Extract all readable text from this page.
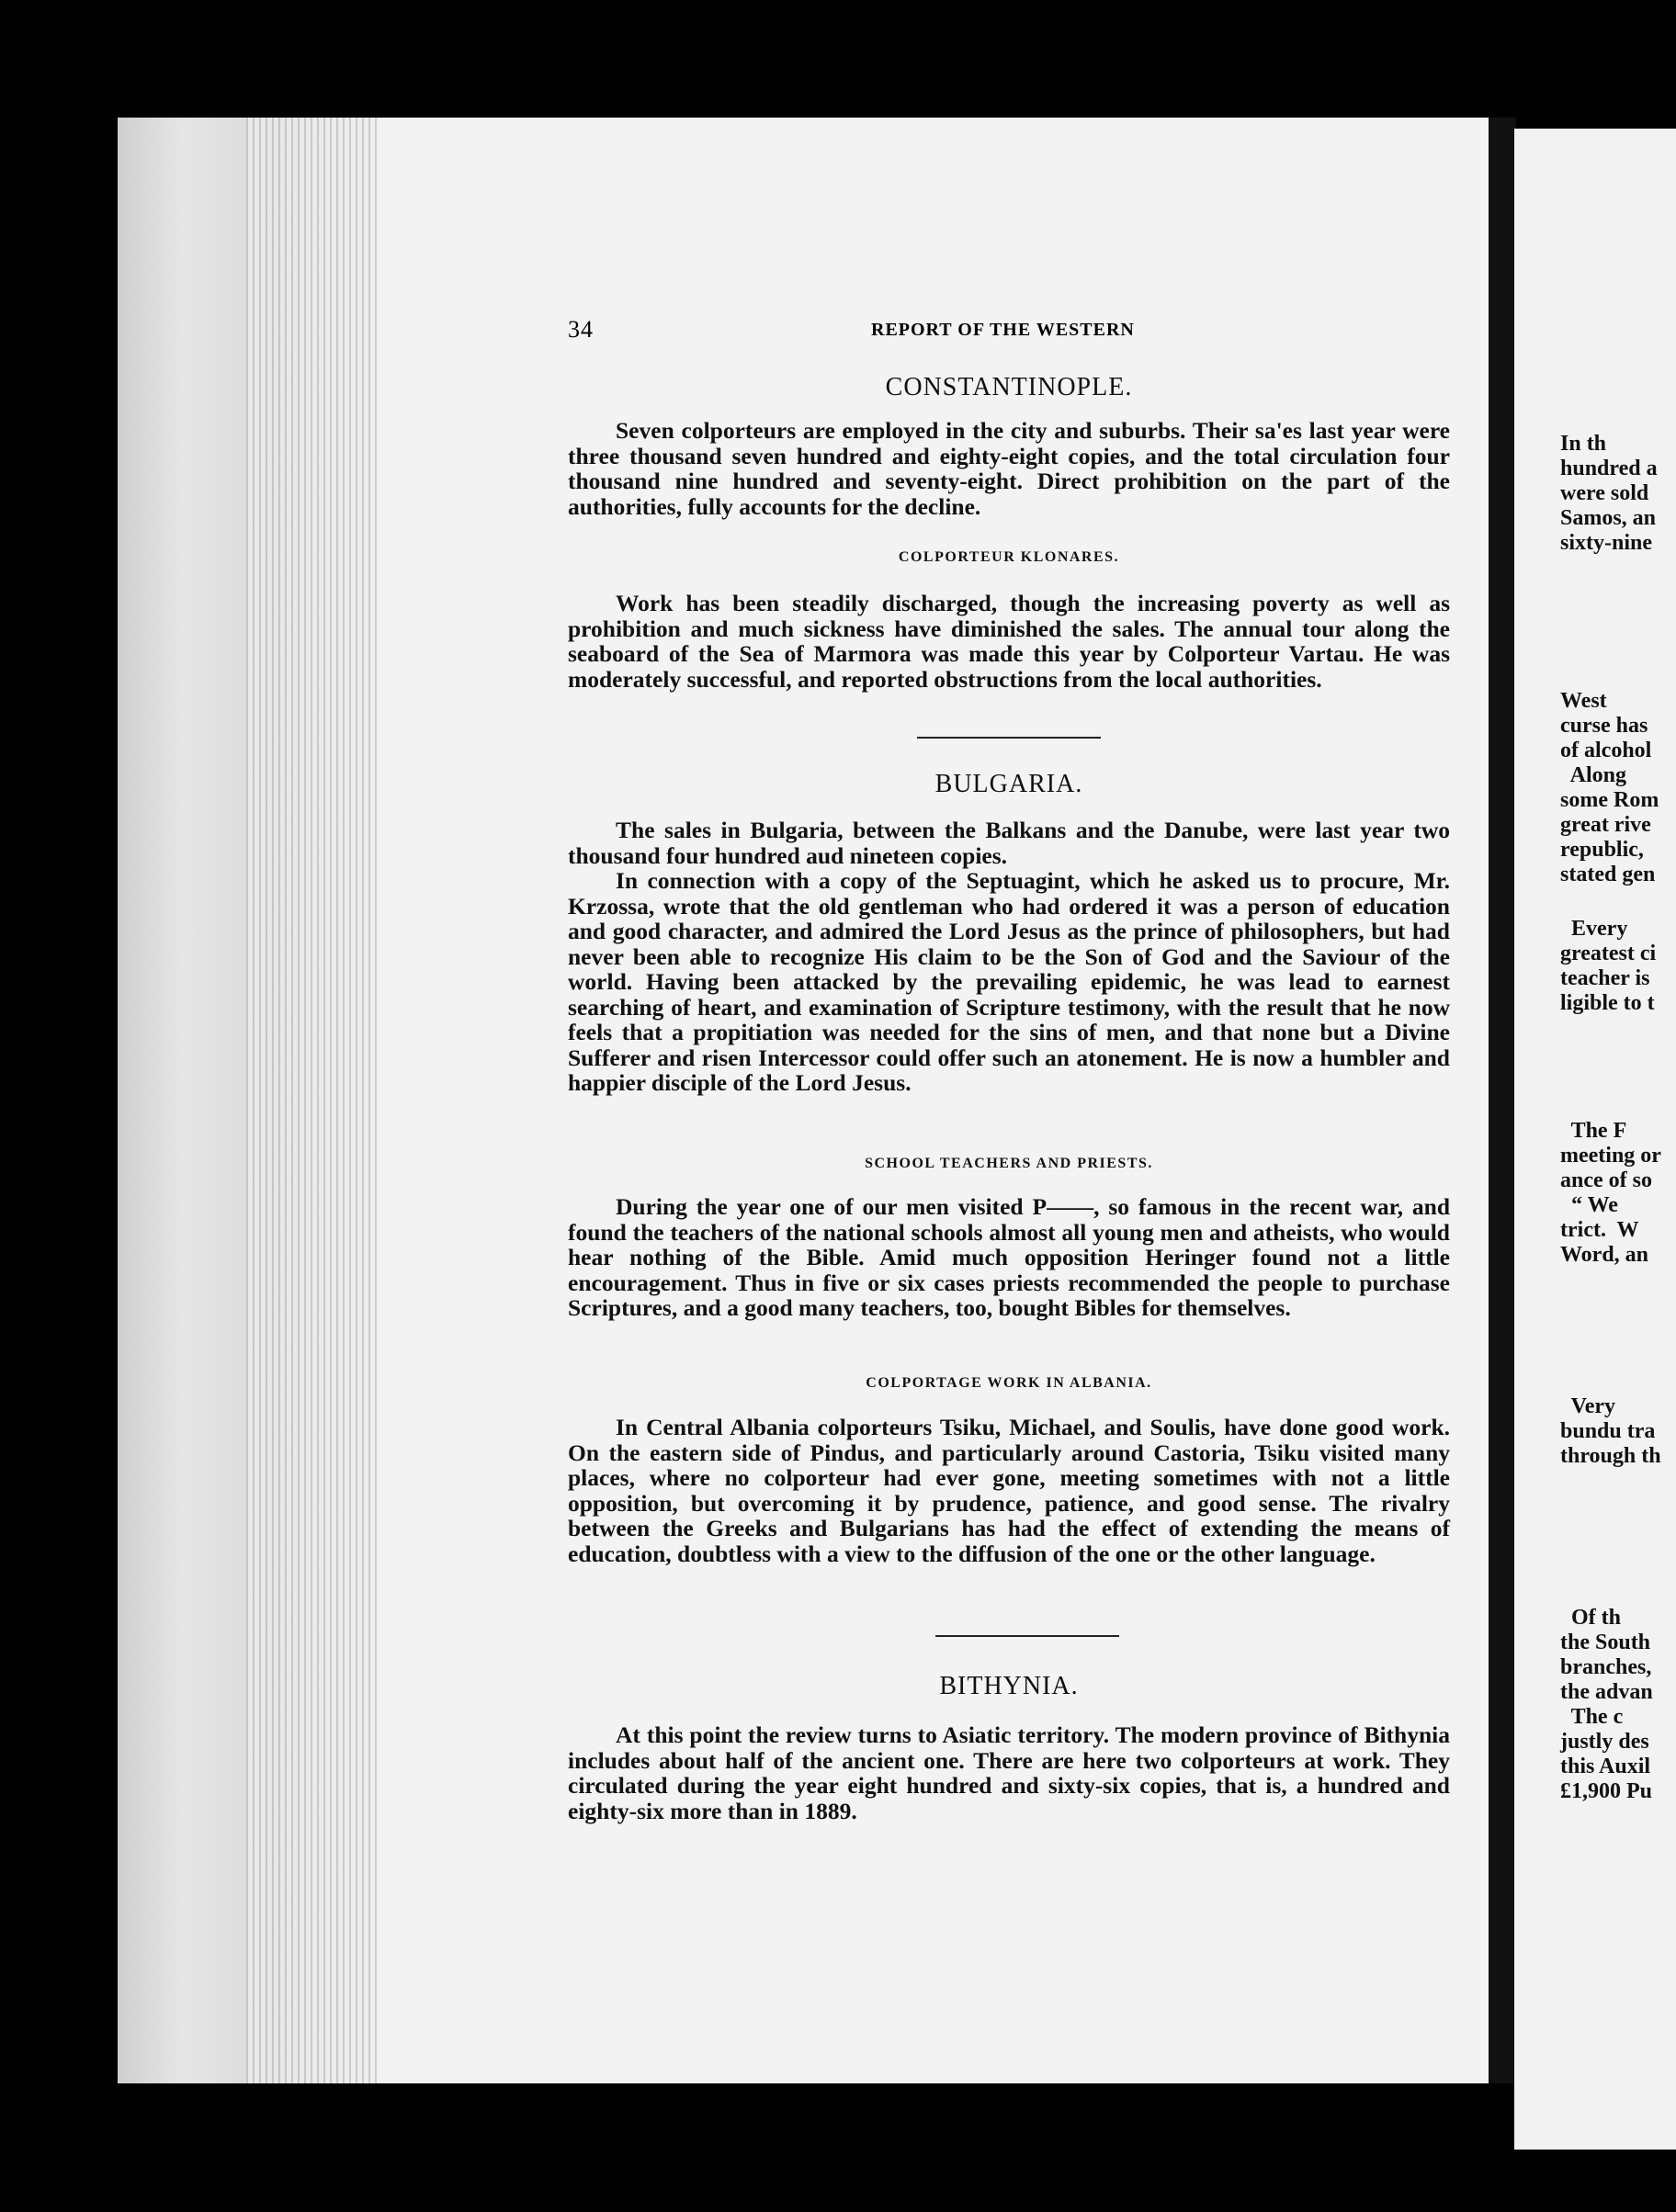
In th
hundred a
were sold
Samos, an
sixty-nine
West
curse has
of alcohol
Along
some Rom
great rive
republic,
stated gen
Every
greatest ci
teacher is
ligible to t
The F
meeting or
ance of so
“ We
trict.  W
Word, an
Very
bundu tra
through th
Of th
the South
branches,
the advan
The c
justly des
this Auxil
£1,900 Pu
34	REPORT OF THE WESTERN
CONSTANTINOPLE.

Seven colporteurs are employed in the city and suburbs. Their sa'es last year were three thousand seven hundred and eighty-eight copies, and the total circulation four thousand nine hundred and seventy-eight. Direct prohibition on the part of the authorities, fully accounts for the decline.

COLPORTEUR KLONARES.

Work has been steadily discharged, though the increasing poverty as well as prohibition and much sickness have diminished the sales. The annual tour along the seaboard of the Sea of Marmora was made this year by Colporteur Vartau. He was moderately successful, and reported obstructions from the local authorities.

BULGARIA.

The sales in Bulgaria, between the Balkans and the Danube, were last year two thousand four hundred aud nineteen copies.

In connection with a copy of the Septuagint, which he asked us to procure, Mr. Krzossa, wrote that the old gentleman who had ordered it was a person of education and good character, and admired the Lord Jesus as the prince of philosophers, but had never been able to recognize His claim to be the Son of God and the Saviour of the world. Having been attacked by the prevailing epidemic, he was lead to earnest searching of heart, and examination of Scripture testimony, with the result that he now feels that a propitiation was needed for the sins of men, and that none but a Divine Sufferer and risen Intercessor could offer such an atonement. He is now a humbler and happier disciple of the Lord Jesus.

SCHOOL TEACHERS AND PRIESTS.

During the year one of our men visited P——, so famous in the recent war, and found the teachers of the national schools almost all young men and atheists, who would hear nothing of the Bible. Amid much opposition Heringer found not a little encouragement. Thus in five or six cases priests recommended the people to purchase Scriptures, and a good many teachers, too, bought Bibles for themselves.

COLPORTAGE WORK IN ALBANIA.

In Central Albania colporteurs Tsiku, Michael, and Soulis, have done good work. On the eastern side of Pindus, and particularly around Castoria, Tsiku visited many places, where no colporteur had ever gone, meeting sometimes with not a little opposition, but overcoming it by prudence, patience, and good sense. The rivalry between the Greeks and Bulgarians has had the effect of extending the means of education, doubtless with a view to the diffusion of the one or the other language.

BITHYNIA.

At this point the review turns to Asiatic territory. The modern province of Bithynia includes about half of the ancient one. There are here two colporteurs at work. They circulated during the year eight hundred and sixty-six copies, that is, a hundred and eighty-six more than in 1889.
